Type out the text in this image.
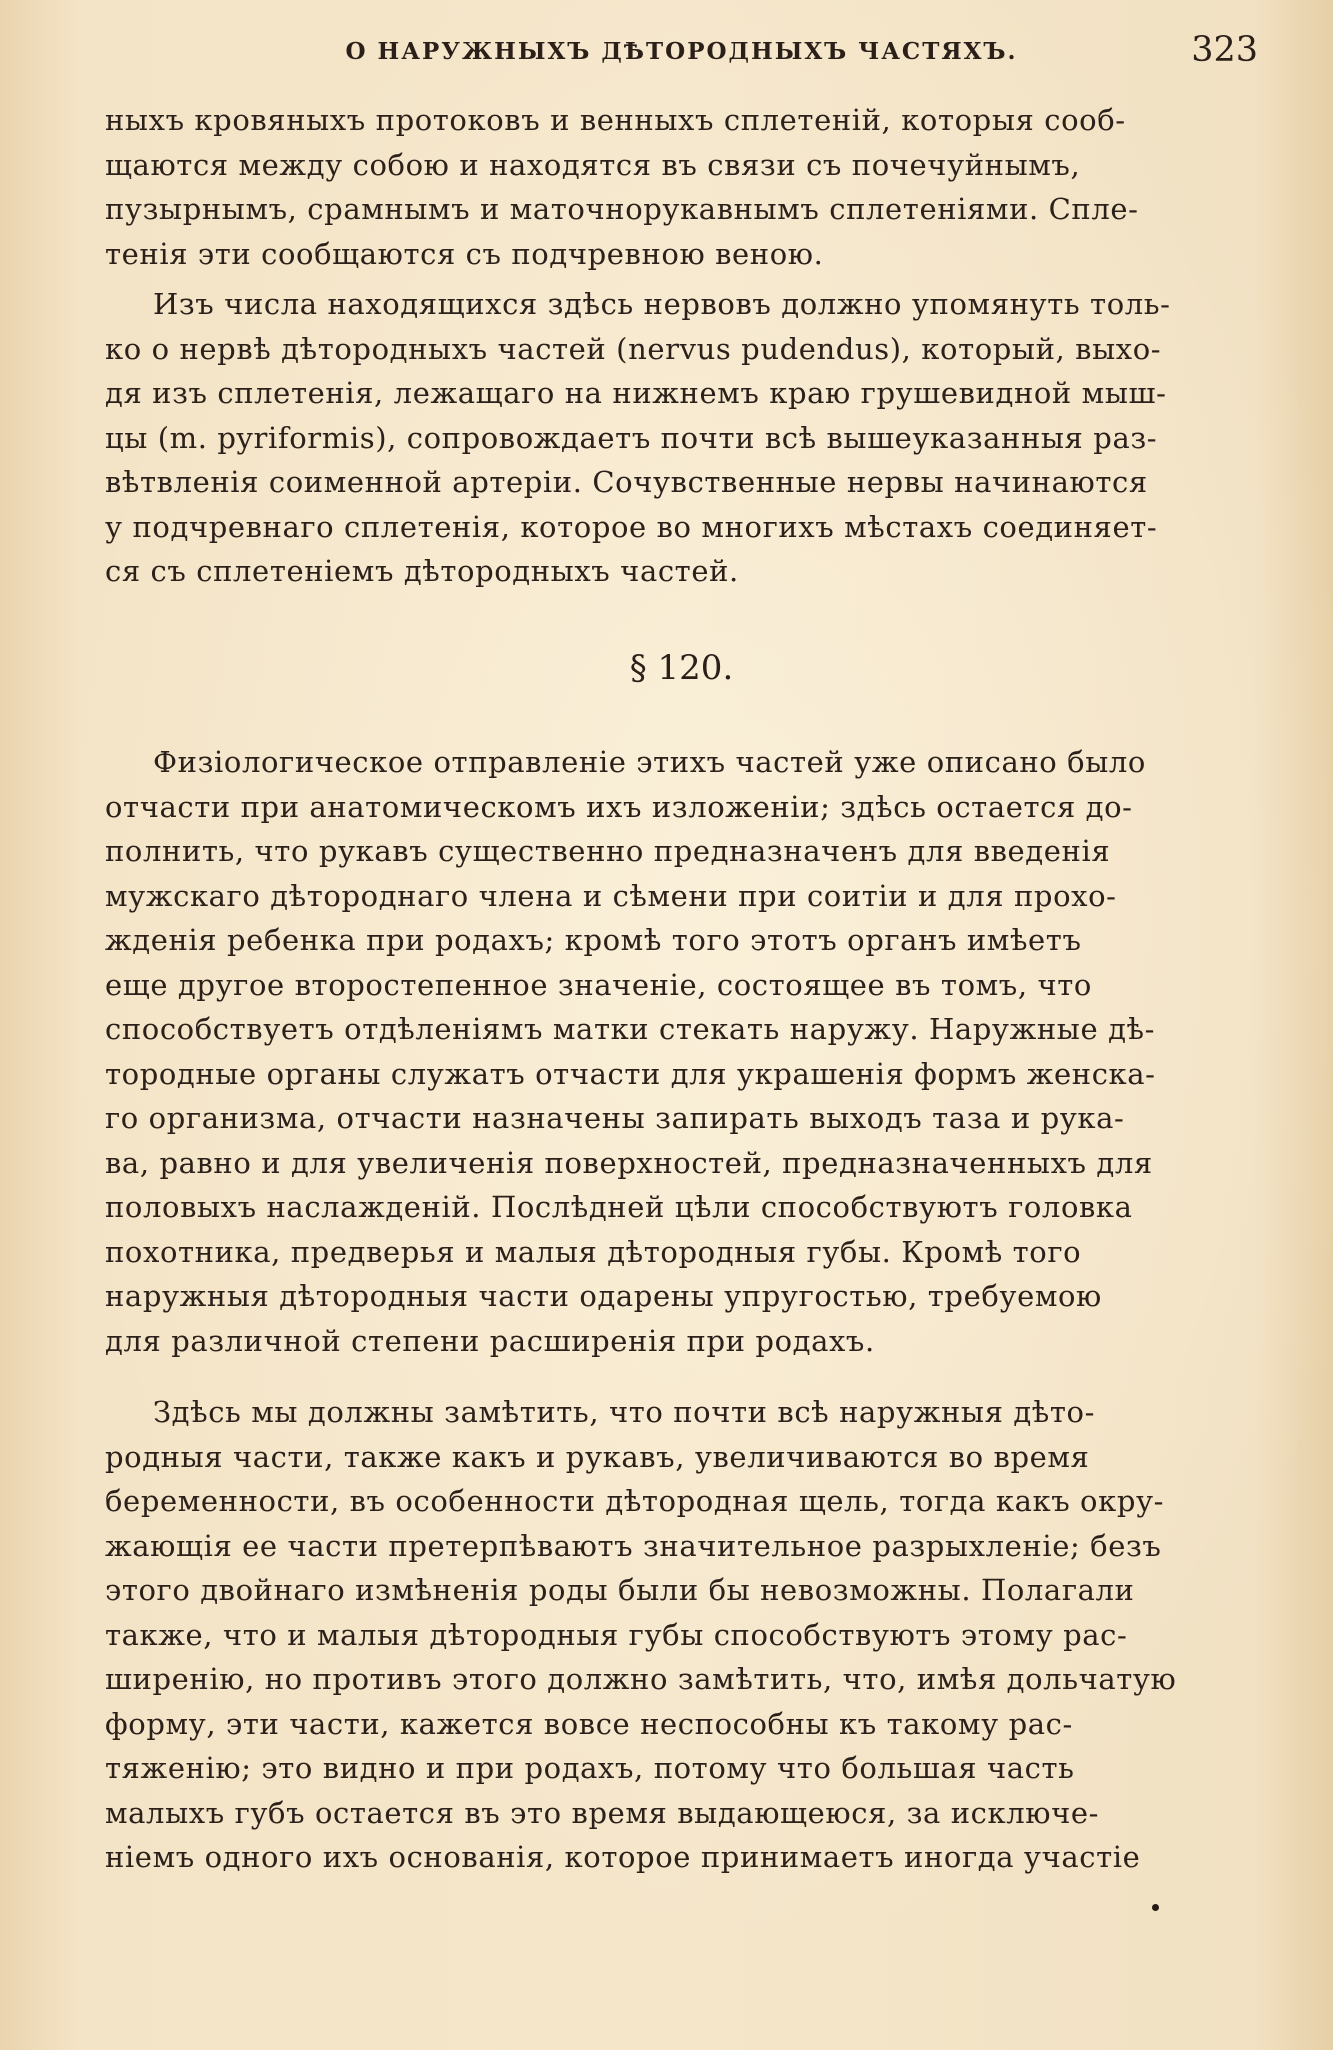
О НАРУЖНЫХЪ ДѢТОРОДНЫХЪ ЧАСТЯХЪ.	323

ныхъ кровяныхъ протоковъ и венныхъ сплетеній, которыя сооб-
щаются между собою и находятся въ связи съ почечуйнымъ,
пузырнымъ, срамнымъ и маточнорукавнымъ сплетеніями. Спле-
тенія эти сообщаются съ подчревною веною.

Изъ числа находящихся здѣсь нервовъ должно упомянуть толь-
ко о нервѣ дѣтородныхъ частей (nervus pudendus), который, выхо-
дя изъ сплетенія, лежащаго на нижнемъ краю грушевидной мыш-
цы (m. pyriformis), сопровождаетъ почти всѣ вышеуказанныя раз-
вѣтвленія соименной артеріи. Сочувственные нервы начинаются
у подчревнаго сплетенія, которое во многихъ мѣстахъ соединяет-
ся съ сплетеніемъ дѣтородныхъ частей.

§ 120.

Физiологическое отправленіе этихъ частей уже описано было
отчасти при анатомическомъ ихъ изложеніи; здѣсь остается до-
полнить, что рукавъ существенно предназначенъ для введенія
мужскаго дѣтороднаго члена и сѣмени при соитіи и для прохо-
жденія ребенка при родахъ; кромѣ того этотъ органъ имѣетъ
еще другое второстепенное значеніе, состоящее въ томъ, что
способствуетъ отдѣленіямъ матки стекать наружу. Наружные дѣ-
тородные органы служатъ отчасти для украшенія формъ женска-
го организма, отчасти назначены запирать выходъ таза и рука-
ва, равно и для увеличенія поверхностей, предназначенныхъ для
половыхъ наслажденій. Послѣдней цѣли способствуютъ головка
похотника, предверья и малыя дѣтородныя губы. Кромѣ того
наружныя дѣтородныя части одарены упругостью, требуемою
для различной степени расширенія при родахъ.

Здѣсь мы должны замѣтить, что почти всѣ наружныя дѣто-
родныя части, также какъ и рукавъ, увеличиваются во время
беременности, въ особенности дѣтородная щель, тогда какъ окру-
жающія ее части претерпѣваютъ значительное разрыхленіе; безъ
этого двойнаго измѣненія роды были бы невозможны. Полагали
также, что и малыя дѣтородныя губы способствуютъ этому рас-
ширенію, но противъ этого должно замѣтить, что, имѣя дольчатую
форму, эти части, кажется вовсе неспособны къ такому рас-
тяженію; это видно и при родахъ, потому что большая часть
малыхъ губъ остается въ это время выдающеюся, за исключе-
ніемъ одного ихъ основанія, которое принимаетъ иногда участіе
